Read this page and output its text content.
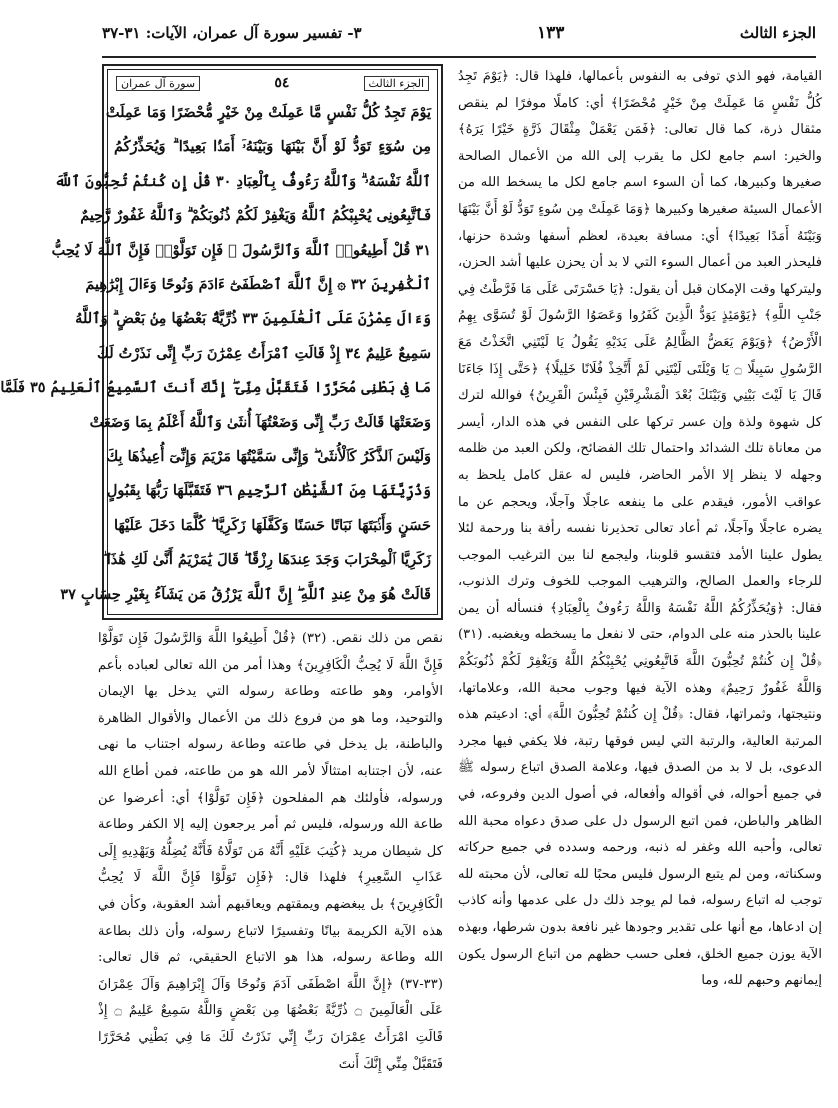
الجزء الثالث
١٣٣
٣- تفسير سورة آل عمران، الآيات: ٣١-٣٧

القيامة، فهو الذي توفى به النفوس بأعمالها، فلهذا قال: ﴿يَوْمَ تَجِدُ كُلُّ نَفْسٍ مَا عَمِلَتْ مِنْ خَيْرٍ مُحْضَرًا﴾ أي: كاملًا موفرًا لم ينقص مثقال ذرة، كما قال تعالى: ﴿فَمَن يَعْمَلْ مِثْقَالَ ذَرَّةٍ خَيْرًا يَرَهُ﴾ والخير: اسم جامع لكل ما يقرب إلى الله من الأعمال الصالحة صغيرها وكبيرها، كما أن السوء اسم جامع لكل ما يسخط الله من الأعمال السيئة صغيرها وكبيرها ﴿وَمَا عَمِلَتْ مِن سُوءٍ تَوَدُّ لَوْ أَنَّ بَيْنَهَا وَبَيْنَهُ أَمَدًا بَعِيدًا﴾ أي: مسافة بعيدة، لعظم أسفها وشدة حزنها، فليحذر العبد من أعمال السوء التي لا بد أن يحزن عليها أشد الحزن، وليتركها وقت الإمكان قبل أن يقول: ﴿يَا حَسْرَتَى عَلَى مَا فَرَّطْتُ فِي جَنْبِ اللَّهِ﴾ ﴿يَوْمَئِذٍ يَوَدُّ الَّذِينَ كَفَرُوا وَعَصَوُا الرَّسُولَ لَوْ تُسَوَّى بِهِمُ الْأَرْضُ﴾ ﴿وَيَوْمَ يَعَضُّ الظَّالِمُ عَلَى يَدَيْهِ يَقُولُ يَا لَيْتَنِي اتَّخَذْتُ مَعَ الرَّسُولِ سَبِيلًا ۝ يَا وَيْلَتَى لَيْتَنِي لَمْ أَتَّخِذْ فُلَانًا خَلِيلًا﴾ ﴿حَتَّى إِذَا جَاءَنَا قَالَ يَا لَيْتَ بَيْنِي وَبَيْنَكَ بُعْدَ الْمَشْرِقَيْنِ فَبِئْسَ الْقَرِينُ﴾ فوالله لترك كل شهوة ولذة وإن عسر تركها على النفس في هذه الدار، أيسر من معاناة تلك الشدائد واحتمال تلك الفضائح، ولكن العبد من ظلمه وجهله لا ينظر إلا الأمر الحاضر، فليس له عقل كامل يلحظ به عواقب الأمور، فيقدم على ما ينفعه عاجلًا وآجلًا، ويحجم عن ما يضره عاجلًا وآجلًا، ثم أعاد تعالى تحذيرنا نفسه رأفة بنا ورحمة لئلا يطول علينا الأمد فتقسو قلوبنا، وليجمع لنا بين الترغيب الموجب للرجاء والعمل الصالح، والترهيب الموجب للخوف وترك الذنوب، فقال: ﴿وَيُحَذِّرُكُمُ اللَّهُ نَفْسَهُ وَاللَّهُ رَءُوفٌ بِالْعِبَادِ﴾ فنسأله أن يمن علينا بالحذر منه على الدوام، حتى لا نفعل ما يسخطه ويغضبه. (٣١) ﴿قُلْ إِن كُنتُمْ تُحِبُّونَ اللَّهَ فَاتَّبِعُونِي يُحْبِبْكُمُ اللَّهُ وَيَغْفِرْ لَكُمْ ذُنُوبَكُمْ وَاللَّهُ غَفُورٌ رَحِيمٌ﴾ وهذه الآية فيها وجوب محبة الله، وعلاماتها، ونتيجتها، وثمراتها، فقال: ﴿قُلْ إِن كُنتُمْ تُحِبُّونَ اللَّهَ﴾ أي: ادعيتم هذه المرتبة العالية، والرتبة التي ليس فوقها رتبة، فلا يكفي فيها مجرد الدعوى، بل لا بد من الصدق فيها، وعلامة الصدق اتباع رسوله ﷺ في جميع أحواله، في أقواله وأفعاله، في أصول الدين وفروعه، في الظاهر والباطن، فمن اتبع الرسول دل على صدق دعواه محبة الله تعالى، وأحبه الله وغفر له ذنبه، ورحمه وسدده في جميع حركاته وسكناته، ومن لم يتبع الرسول فليس محبًا لله تعالى، لأن محبته لله توجب له اتباع رسوله، فما لم يوجد ذلك دل على عدمها وأنه كاذب إن ادعاها، مع أنها على تقدير وجودها غير نافعة بدون شرطها، وبهذه الآية يوزن جميع الخلق، فعلى حسب حظهم من اتباع الرسول يكون إيمانهم وحبهم لله، وما

الجزء الثالث
٥٤
سورة آل عمران
يَوْمَ تَجِدُ كُلُّ نَفْسٍ مَّا عَمِلَتْ مِنْ خَيْرٍ مُّحْضَرًا وَمَا عَمِلَتْ
مِن سُوٓءٍ تَوَدُّ لَوْ أَنَّ بَيْنَهَا وَبَيْنَهُۥٓ أَمَدًۢا بَعِيدًا ۗ وَيُحَذِّرُكُمُ
ٱللَّهُ نَفْسَهُۥ ۗ وَٱللَّهُ رَءُوفٌۢ بِٱلْعِبَادِ ٣٠ قُلْ إِن كُنتُمْ تُحِبُّونَ ٱللَّهَ
فَٱتَّبِعُونِى يُحْبِبْكُمُ ٱللَّهُ وَيَغْفِرْ لَكُمْ ذُنُوبَكُمْ ۗ وَٱللَّهُ غَفُورٌ رَّحِيمٌ
٣١ قُلْ أَطِيعُوا۟ ٱللَّهَ وَٱلرَّسُولَ ۖ فَإِن تَوَلَّوْا۟ فَإِنَّ ٱللَّهَ لَا يُحِبُّ
ٱلْكَٰفِرِينَ ٣٢ ۞ إِنَّ ٱللَّهَ ٱصْطَفَىٰٓ ءَادَمَ وَنُوحًا وَءَالَ إِبْرَٰهِيمَ
وَءَالَ عِمْرَٰنَ عَلَى ٱلْعَٰلَمِينَ ٣٣ ذُرِّيَّةًۢ بَعْضُهَا مِنۢ بَعْضٍ ۗ وَٱللَّهُ
سَمِيعٌ عَلِيمٌ ٣٤ إِذْ قَالَتِ ٱمْرَأَتُ عِمْرَٰنَ رَبِّ إِنِّى نَذَرْتُ لَكَ
مَا فِى بَطْنِى مُحَرَّرًا فَتَقَبَّلْ مِنِّىٓ ۖ إِنَّكَ أَنتَ ٱلسَّمِيعُ ٱلْعَلِيمُ ٣٥ فَلَمَّا
وَضَعَتْهَا قَالَتْ رَبِّ إِنِّى وَضَعْتُهَآ أُنثَىٰ وَٱللَّهُ أَعْلَمُ بِمَا وَضَعَتْ
وَلَيْسَ ٱلذَّكَرُ كَٱلْأُنثَىٰ ۖ وَإِنِّى سَمَّيْتُهَا مَرْيَمَ وَإِنِّىٓ أُعِيذُهَا بِكَ
وَذُرِّيَّتَهَا مِنَ ٱلشَّيْطَٰنِ ٱلرَّجِيمِ ٣٦ فَتَقَبَّلَهَا رَبُّهَا بِقَبُولٍ
حَسَنٍ وَأَنۢبَتَهَا نَبَاتًا حَسَنًا وَكَفَّلَهَا زَكَرِيَّا ۖ كُلَّمَا دَخَلَ عَلَيْهَا
زَكَرِيَّا ٱلْمِحْرَابَ وَجَدَ عِندَهَا رِزْقًا ۖ قَالَ يَٰمَرْيَمُ أَنَّىٰ لَكِ هَٰذَا ۖ
قَالَتْ هُوَ مِنْ عِندِ ٱللَّهِ ۖ إِنَّ ٱللَّهَ يَرْزُقُ مَن يَشَآءُ بِغَيْرِ حِسَابٍ ٣٧

نقص من ذلك نقص. (٣٢) ﴿قُلْ أَطِيعُوا اللَّهَ وَالرَّسُولَ فَإِن تَوَلَّوْا فَإِنَّ اللَّهَ لَا يُحِبُّ الْكَافِرِينَ﴾ وهذا أمر من الله تعالى لعباده بأعم الأوامر، وهو طاعته وطاعة رسوله التي يدخل بها الإيمان والتوحيد، وما هو من فروع ذلك من الأعمال والأقوال الظاهرة والباطنة، بل يدخل في طاعته وطاعة رسوله اجتناب ما نهى عنه، لأن اجتنابه امتثالًا لأمر الله هو من طاعته، فمن أطاع الله ورسوله، فأولئك هم المفلحون ﴿فَإِن تَوَلَّوْا﴾ أي: أعرضوا عن طاعة الله ورسوله، فليس ثم أمر يرجعون إليه إلا الكفر وطاعة كل شيطان مريد ﴿كُتِبَ عَلَيْهِ أَنَّهُ مَن تَوَلَّاهُ فَأَنَّهُ يُضِلُّهُ وَيَهْدِيهِ إِلَى عَذَابِ السَّعِيرِ﴾ فلهذا قال: ﴿فَإِن تَوَلَّوْا فَإِنَّ اللَّهَ لَا يُحِبُّ الْكَافِرِينَ﴾ بل يبغضهم ويمقتهم ويعاقبهم أشد العقوبة، وكأن في هذه الآية الكريمة بيانًا وتفسيرًا لاتباع رسوله، وأن ذلك بطاعة الله وطاعة رسوله، هذا هو الاتباع الحقيقي، ثم قال تعالى: (٣٣-٣٧) ﴿إِنَّ اللَّهَ اصْطَفَى آدَمَ وَنُوحًا وَآلَ إِبْرَاهِيمَ وَآلَ عِمْرَانَ عَلَى الْعَالَمِينَ ۝ ذُرِّيَّةً بَعْضُهَا مِن بَعْضٍ وَاللَّهُ سَمِيعٌ عَلِيمٌ ۝ إِذْ قَالَتِ امْرَأَتُ عِمْرَانَ رَبِّ إِنِّي نَذَرْتُ لَكَ مَا فِي بَطْنِي مُحَرَّرًا فَتَقَبَّلْ مِنِّي إِنَّكَ أَنتَ
